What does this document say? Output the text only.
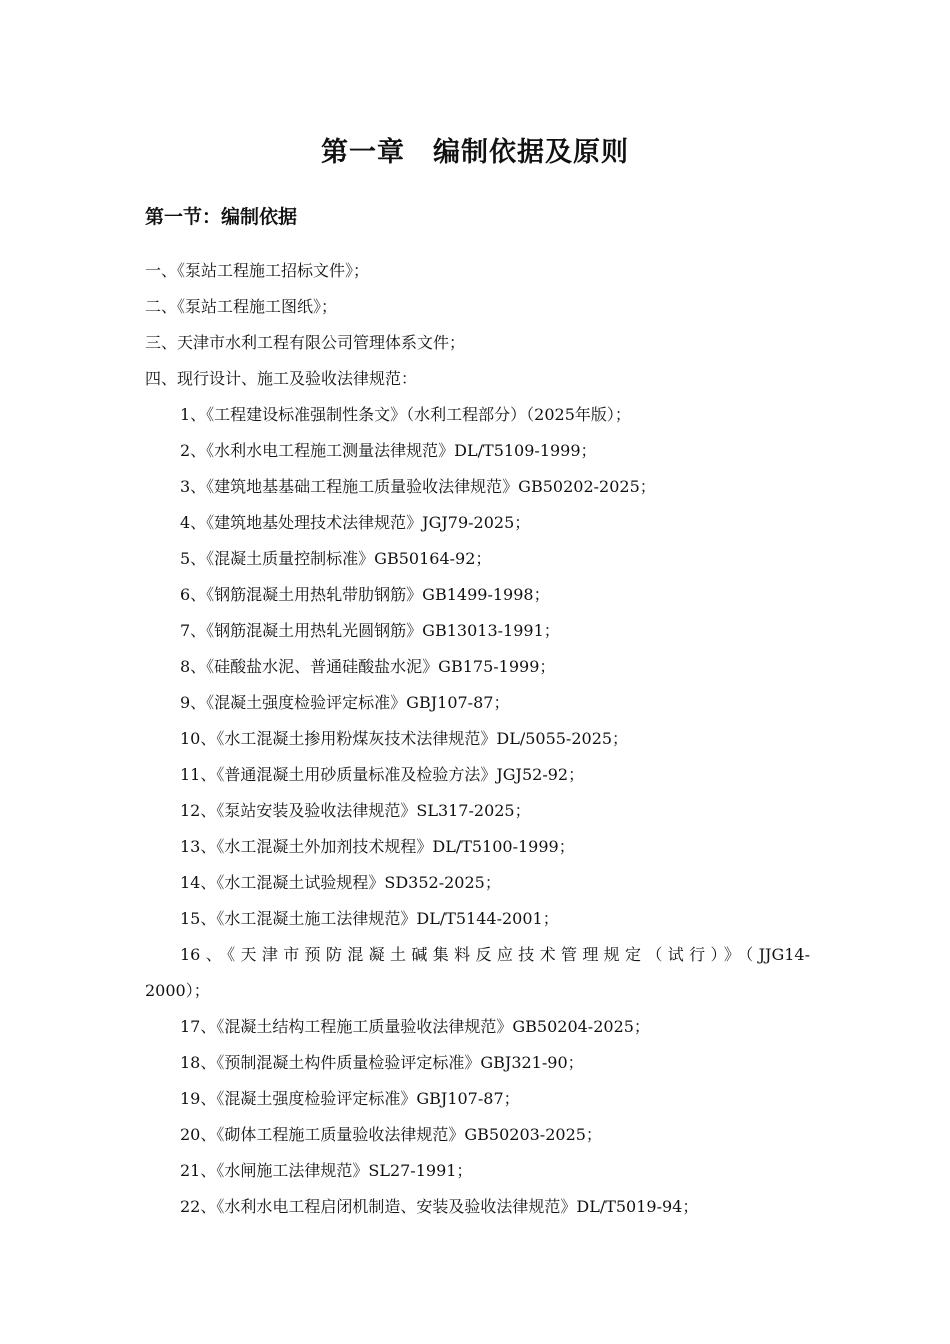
第一章　编制依据及原则
第一节：编制依据
一、《泵站工程施工招标文件》；
二、《泵站工程施工图纸》；
三、天津市水利工程有限公司管理体系文件；
四、现行设计、施工及验收法律规范：
1、《工程建设标准强制性条文》（水利工程部分）（2025年版）；
2、《水利水电工程施工测量法律规范》DL/T5109-1999；
3、《建筑地基基础工程施工质量验收法律规范》GB50202-2025；
4、《建筑地基处理技术法律规范》JGJ79-2025；
5、《混凝土质量控制标准》GB50164-92；
6、《钢筋混凝土用热轧带肋钢筋》GB1499-1998；
7、《钢筋混凝土用热轧光圆钢筋》GB13013-1991；
8、《硅酸盐水泥、普通硅酸盐水泥》GB175-1999；
9、《混凝土强度检验评定标准》GBJ107-87；
10、《水工混凝土掺用粉煤灰技术法律规范》DL/5055-2025；
11、《普通混凝土用砂质量标准及检验方法》JGJ52-92；
12、《泵站安装及验收法律规范》SL317-2025；
13、《水工混凝土外加剂技术规程》DL/T5100-1999；
14、《水工混凝土试验规程》SD352-2025；
15、《水工混凝土施工法律规范》DL/T5144-2001；
16、《天津市预防混凝土碱集料反应技术管理规定（试行）》（JJG14-
2000）；
17、《混凝土结构工程施工质量验收法律规范》GB50204-2025；
18、《预制混凝土构件质量检验评定标准》GBJ321-90；
19、《混凝土强度检验评定标准》GBJ107-87；
20、《砌体工程施工质量验收法律规范》GB50203-2025；
21、《水闸施工法律规范》SL27-1991；
22、《水利水电工程启闭机制造、安装及验收法律规范》DL/T5019-94；
